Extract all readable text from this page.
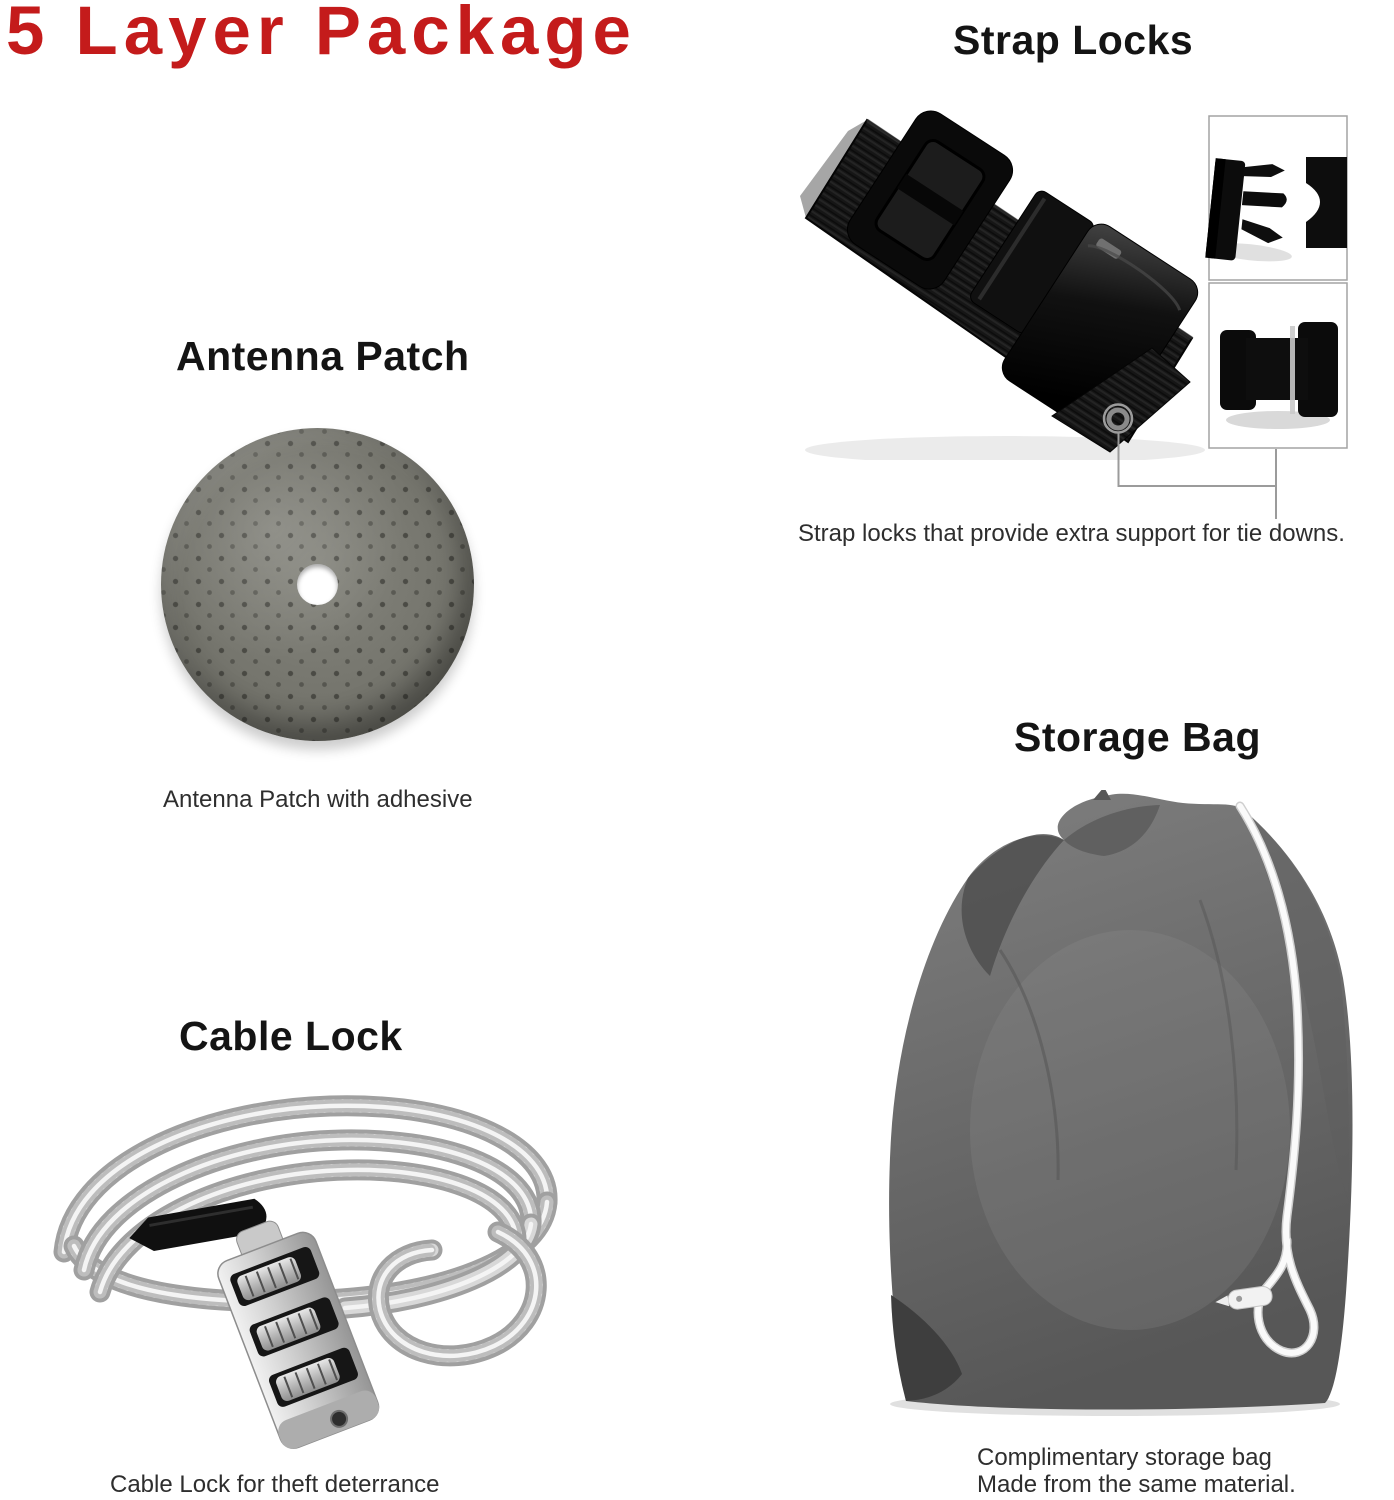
5 Layer Package	Strap Locks
Antenna Patch
Cable Lock
Storage Bag
Strap locks that provide extra support for tie downs.
Antenna Patch with adhesive
Cable Lock for theft deterrance
Complimentary storage bag
Made from the same material.
